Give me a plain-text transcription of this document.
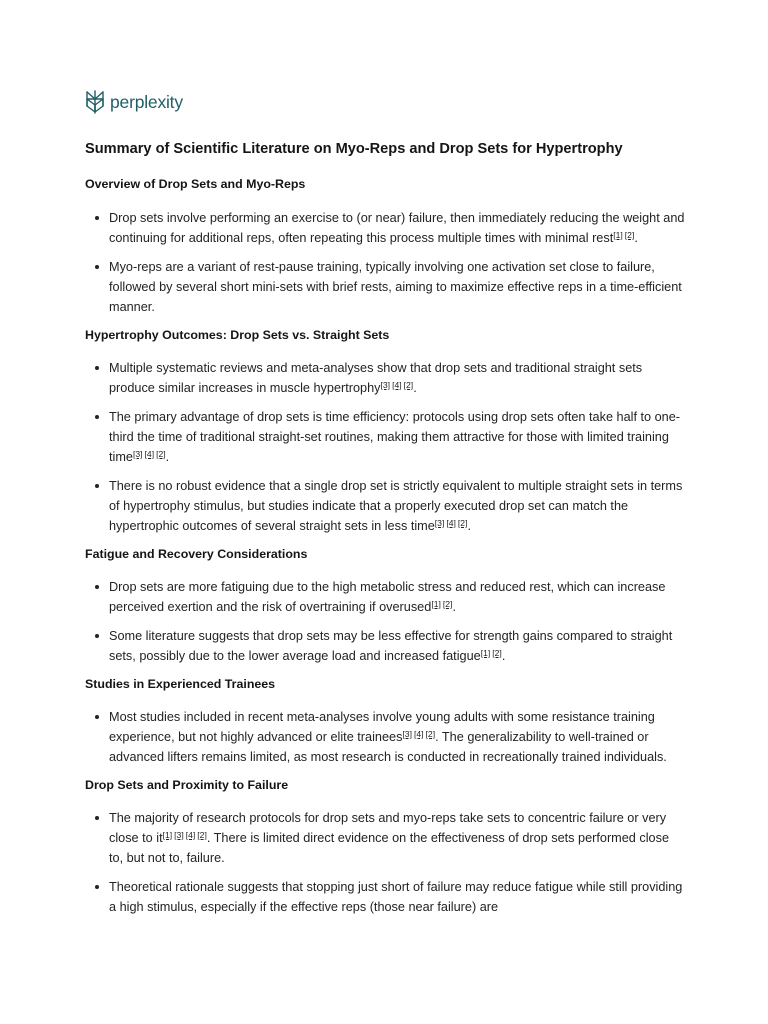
perplexity
Summary of Scientific Literature on Myo-Reps and Drop Sets for Hypertrophy
Overview of Drop Sets and Myo-Reps
Drop sets involve performing an exercise to (or near) failure, then immediately reducing the weight and continuing for additional reps, often repeating this process multiple times with minimal rest[1] [2].
Myo-reps are a variant of rest-pause training, typically involving one activation set close to failure, followed by several short mini-sets with brief rests, aiming to maximize effective reps in a time-efficient manner.
Hypertrophy Outcomes: Drop Sets vs. Straight Sets
Multiple systematic reviews and meta-analyses show that drop sets and traditional straight sets produce similar increases in muscle hypertrophy[3] [4] [2].
The primary advantage of drop sets is time efficiency: protocols using drop sets often take half to one-third the time of traditional straight-set routines, making them attractive for those with limited training time[3] [4] [2].
There is no robust evidence that a single drop set is strictly equivalent to multiple straight sets in terms of hypertrophy stimulus, but studies indicate that a properly executed drop set can match the hypertrophic outcomes of several straight sets in less time[3] [4] [2].
Fatigue and Recovery Considerations
Drop sets are more fatiguing due to the high metabolic stress and reduced rest, which can increase perceived exertion and the risk of overtraining if overused[1] [2].
Some literature suggests that drop sets may be less effective for strength gains compared to straight sets, possibly due to the lower average load and increased fatigue[1] [2].
Studies in Experienced Trainees
Most studies included in recent meta-analyses involve young adults with some resistance training experience, but not highly advanced or elite trainees[3] [4] [2]. The generalizability to well-trained or advanced lifters remains limited, as most research is conducted in recreationally trained individuals.
Drop Sets and Proximity to Failure
The majority of research protocols for drop sets and myo-reps take sets to concentric failure or very close to it[1] [3] [4] [2]. There is limited direct evidence on the effectiveness of drop sets performed close to, but not to, failure.
Theoretical rationale suggests that stopping just short of failure may reduce fatigue while still providing a high stimulus, especially if the effective reps (those near failure) are
